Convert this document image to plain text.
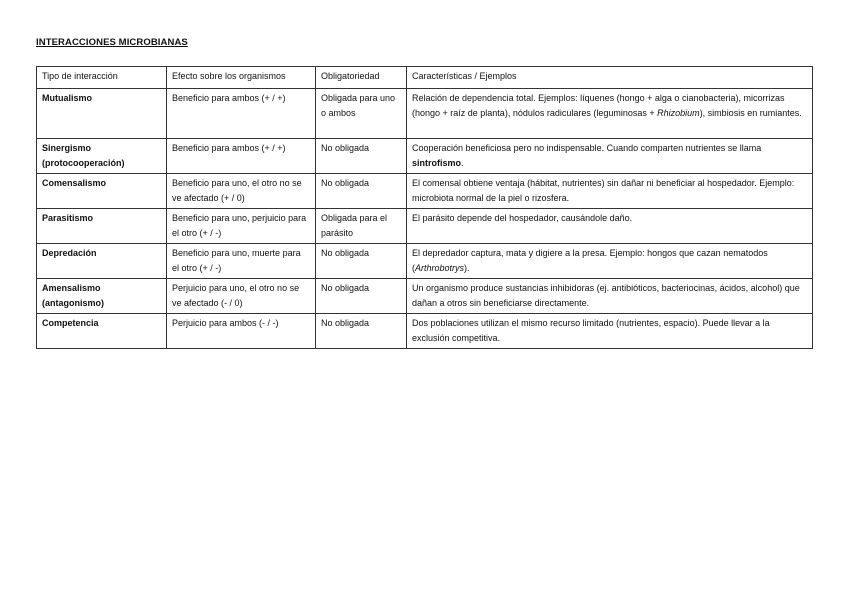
INTERACCIONES MICROBIANAS
Tipo de interacción	Efecto sobre los organismos	Obligatoriedad	Características / Ejemplos
Mutualismo	Beneficio para ambos (+ / +)	Obligada para uno o ambos	Relación de dependencia total. Ejemplos: líquenes (hongo + alga o cianobacteria), micorrizas (hongo + raíz de planta), nódulos radiculares (leguminosas + Rhizobium), simbiosis en rumiantes.
Sinergismo (protocooperación)	Beneficio para ambos (+ / +)	No obligada	Cooperación beneficiosa pero no indispensable. Cuando comparten nutrientes se llama sintrofismo.
Comensalismo	Beneficio para uno, el otro no se ve afectado (+ / 0)	No obligada	El comensal obtiene ventaja (hábitat, nutrientes) sin dañar ni beneficiar al hospedador. Ejemplo: microbiota normal de la piel o rizosfera.
Parasitismo	Beneficio para uno, perjuicio para el otro (+ / -)	Obligada para el parásito	El parásito depende del hospedador, causándole daño.
Depredación	Beneficio para uno, muerte para el otro (+ / -)	No obligada	El depredador captura, mata y digiere a la presa. Ejemplo: hongos que cazan nematodos (Arthrobotrys).
Amensalismo (antagonismo)	Perjuicio para uno, el otro no se ve afectado (- / 0)	No obligada	Un organismo produce sustancias inhibidoras (ej. antibióticos, bacteriocinas, ácidos, alcohol) que dañan a otros sin beneficiarse directamente.
Competencia	Perjuicio para ambos (- / -)	No obligada	Dos poblaciones utilizan el mismo recurso limitado (nutrientes, espacio). Puede llevar a la exclusión competitiva.
